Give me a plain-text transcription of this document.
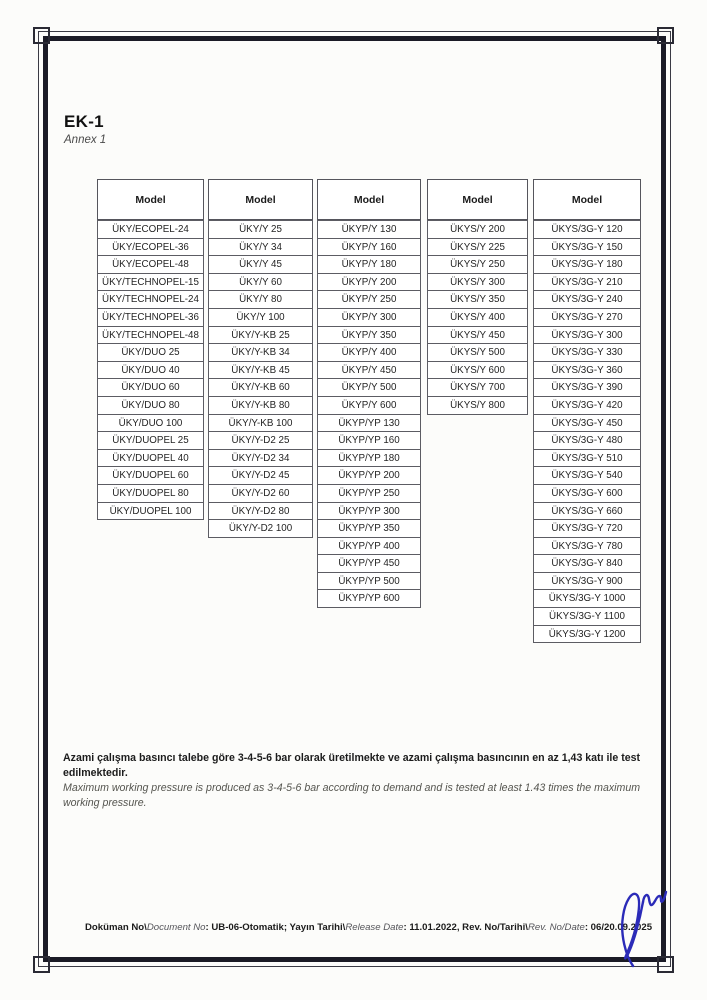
EK-1
Annex 1
Model
ÜKY/ECOPEL-24
ÜKY/ECOPEL-36
ÜKY/ECOPEL-48
ÜKY/TECHNOPEL-15
ÜKY/TECHNOPEL-24
ÜKY/TECHNOPEL-36
ÜKY/TECHNOPEL-48
ÜKY/DUO 25
ÜKY/DUO 40
ÜKY/DUO 60
ÜKY/DUO 80
ÜKY/DUO 100
ÜKY/DUOPEL 25
ÜKY/DUOPEL 40
ÜKY/DUOPEL 60
ÜKY/DUOPEL 80
ÜKY/DUOPEL 100
Model
ÜKY/Y 25
ÜKY/Y 34
ÜKY/Y 45
ÜKY/Y 60
ÜKY/Y 80
ÜKY/Y 100
ÜKY/Y-KB 25
ÜKY/Y-KB 34
ÜKY/Y-KB 45
ÜKY/Y-KB 60
ÜKY/Y-KB 80
ÜKY/Y-KB 100
ÜKY/Y-D2 25
ÜKY/Y-D2 34
ÜKY/Y-D2 45
ÜKY/Y-D2 60
ÜKY/Y-D2 80
ÜKY/Y-D2 100
Model
ÜKYP/Y 130
ÜKYP/Y 160
ÜKYP/Y 180
ÜKYP/Y 200
ÜKYP/Y 250
ÜKYP/Y 300
ÜKYP/Y 350
ÜKYP/Y 400
ÜKYP/Y 450
ÜKYP/Y 500
ÜKYP/Y 600
ÜKYP/YP 130
ÜKYP/YP 160
ÜKYP/YP 180
ÜKYP/YP 200
ÜKYP/YP 250
ÜKYP/YP 300
ÜKYP/YP 350
ÜKYP/YP 400
ÜKYP/YP 450
ÜKYP/YP 500
ÜKYP/YP 600
Model
ÜKYS/Y 200
ÜKYS/Y 225
ÜKYS/Y 250
ÜKYS/Y 300
ÜKYS/Y 350
ÜKYS/Y 400
ÜKYS/Y 450
ÜKYS/Y 500
ÜKYS/Y 600
ÜKYS/Y 700
ÜKYS/Y 800
Model
ÜKYS/3G-Y 120
ÜKYS/3G-Y 150
ÜKYS/3G-Y 180
ÜKYS/3G-Y 210
ÜKYS/3G-Y 240
ÜKYS/3G-Y 270
ÜKYS/3G-Y 300
ÜKYS/3G-Y 330
ÜKYS/3G-Y 360
ÜKYS/3G-Y 390
ÜKYS/3G-Y 420
ÜKYS/3G-Y 450
ÜKYS/3G-Y 480
ÜKYS/3G-Y 510
ÜKYS/3G-Y 540
ÜKYS/3G-Y 600
ÜKYS/3G-Y 660
ÜKYS/3G-Y 720
ÜKYS/3G-Y 780
ÜKYS/3G-Y 840
ÜKYS/3G-Y 900
ÜKYS/3G-Y 1000
ÜKYS/3G-Y 1100
ÜKYS/3G-Y 1200

Azami çalışma basıncı talebe göre 3-4-5-6 bar olarak üretilmekte ve azami çalışma basıncının en az 1,43 katı ile test edilmektedir.

Maximum working pressure is produced as 3-4-5-6 bar according to demand and is tested at least 1.43 times the maximum working pressure.

Doküman No\Document No: UB-06-Otomatik; Yayın Tarihi\Release Date: 11.01.2022, Rev. No/Tarihi\Rev. No/Date: 06/20.09.2025
